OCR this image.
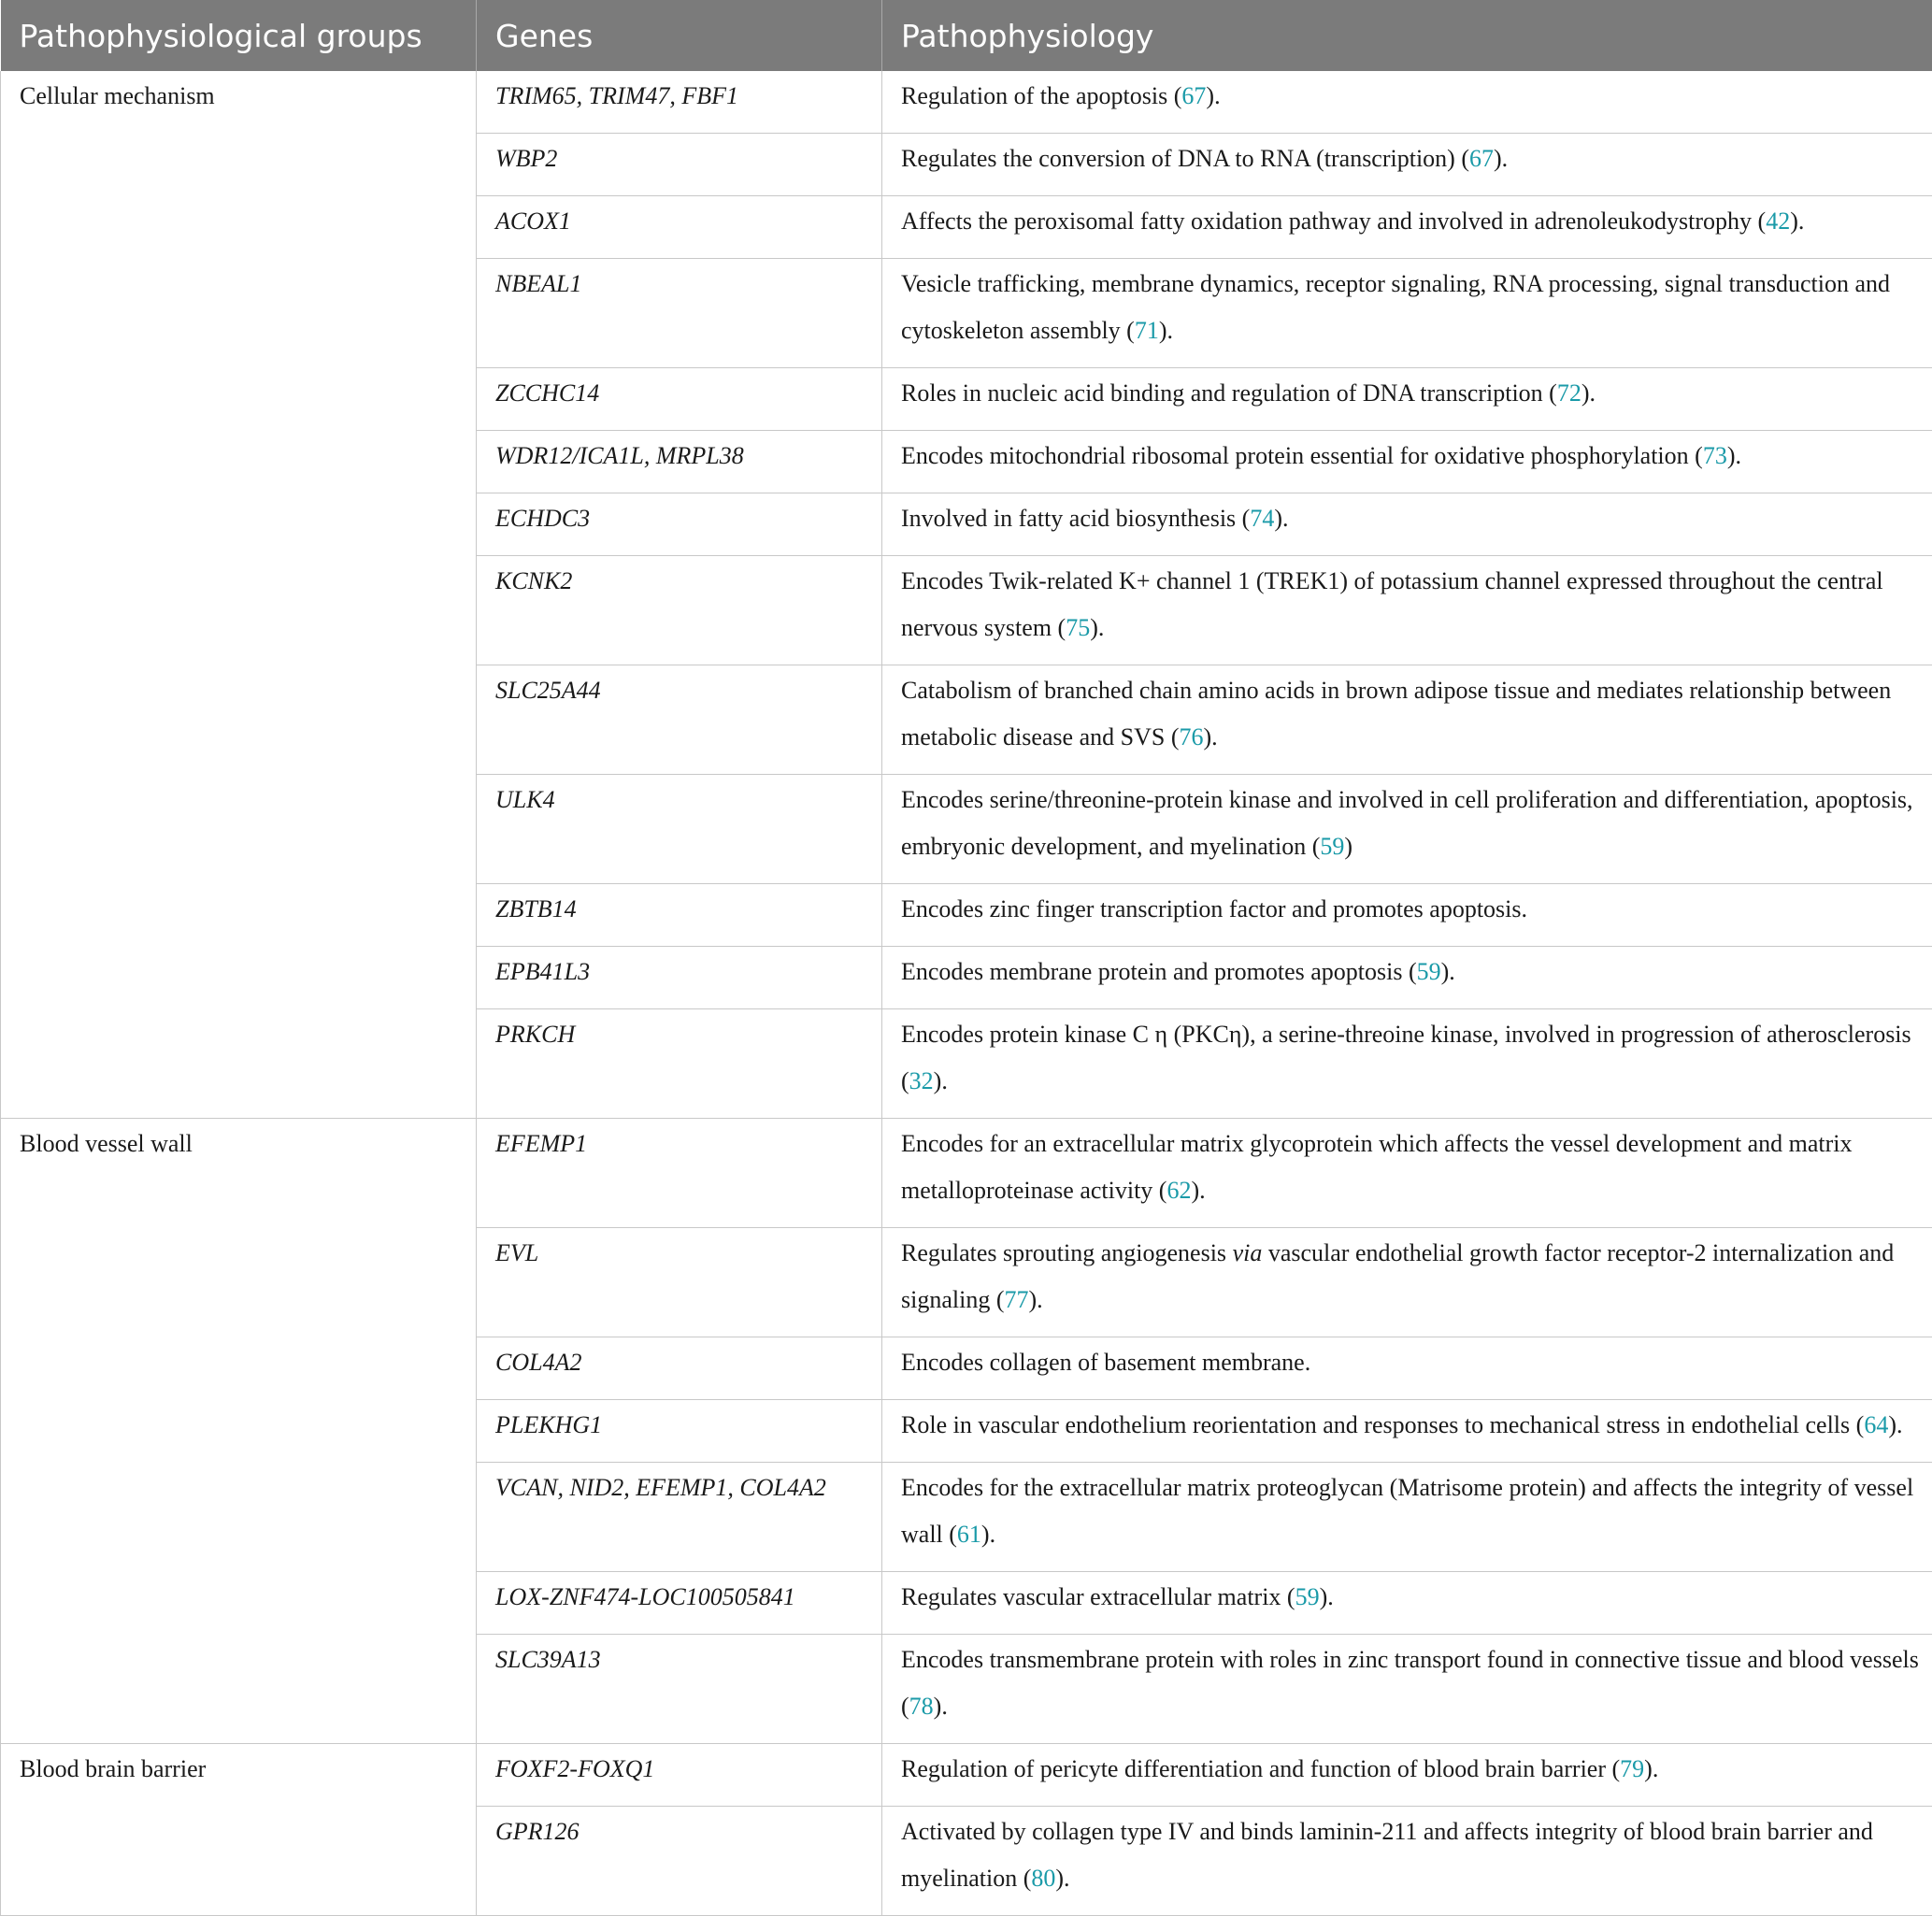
Pathophysiological groups	Genes	Pathophysiology

Cellular mechanism	TRIM65, TRIM47, FBF1	Regulation of the apoptosis (67).

	WBP2	Regulates the conversion of DNA to RNA (transcription) (67).

	ACOX1	Affects the peroxisomal fatty oxidation pathway and involved in adrenoleukodystrophy (42).

	NBEAL1	Vesicle trafficking, membrane dynamics, receptor signaling, RNA processing, signal transduction and cytoskeleton assembly (71).

	ZCCHC14	Roles in nucleic acid binding and regulation of DNA transcription (72).

	WDR12/ICA1L, MRPL38	Encodes mitochondrial ribosomal protein essential for oxidative phosphorylation (73).

	ECHDC3	Involved in fatty acid biosynthesis (74).

	KCNK2	Encodes Twik-related K+ channel 1 (TREK1) of potassium channel expressed throughout the central nervous system (75).

	SLC25A44	Catabolism of branched chain amino acids in brown adipose tissue and mediates relationship between metabolic disease and SVS (76).

	ULK4	Encodes serine/threonine-protein kinase and involved in cell proliferation and differentiation, apoptosis, embryonic development, and myelination (59)

	ZBTB14	Encodes zinc finger transcription factor and promotes apoptosis.

	EPB41L3	Encodes membrane protein and promotes apoptosis (59).

	PRKCH	Encodes protein kinase C η (PKCη), a serine-threoine kinase, involved in progression of atherosclerosis (32).

Blood vessel wall	EFEMP1	Encodes for an extracellular matrix glycoprotein which affects the vessel development and matrix metalloproteinase activity (62).

	EVL	Regulates sprouting angiogenesis via vascular endothelial growth factor receptor-2 internalization and signaling (77).

	COL4A2	Encodes collagen of basement membrane.

	PLEKHG1	Role in vascular endothelium reorientation and responses to mechanical stress in endothelial cells (64).

	VCAN, NID2, EFEMP1, COL4A2	Encodes for the extracellular matrix proteoglycan (Matrisome protein) and affects the integrity of vessel wall (61).

	LOX-ZNF474-LOC100505841	Regulates vascular extracellular matrix (59).

	SLC39A13	Encodes transmembrane protein with roles in zinc transport found in connective tissue and blood vessels (78).

Blood brain barrier	FOXF2-FOXQ1	Regulation of pericyte differentiation and function of blood brain barrier (79).

	GPR126	Activated by collagen type IV and binds laminin-211 and affects integrity of blood brain barrier and myelination (80).
